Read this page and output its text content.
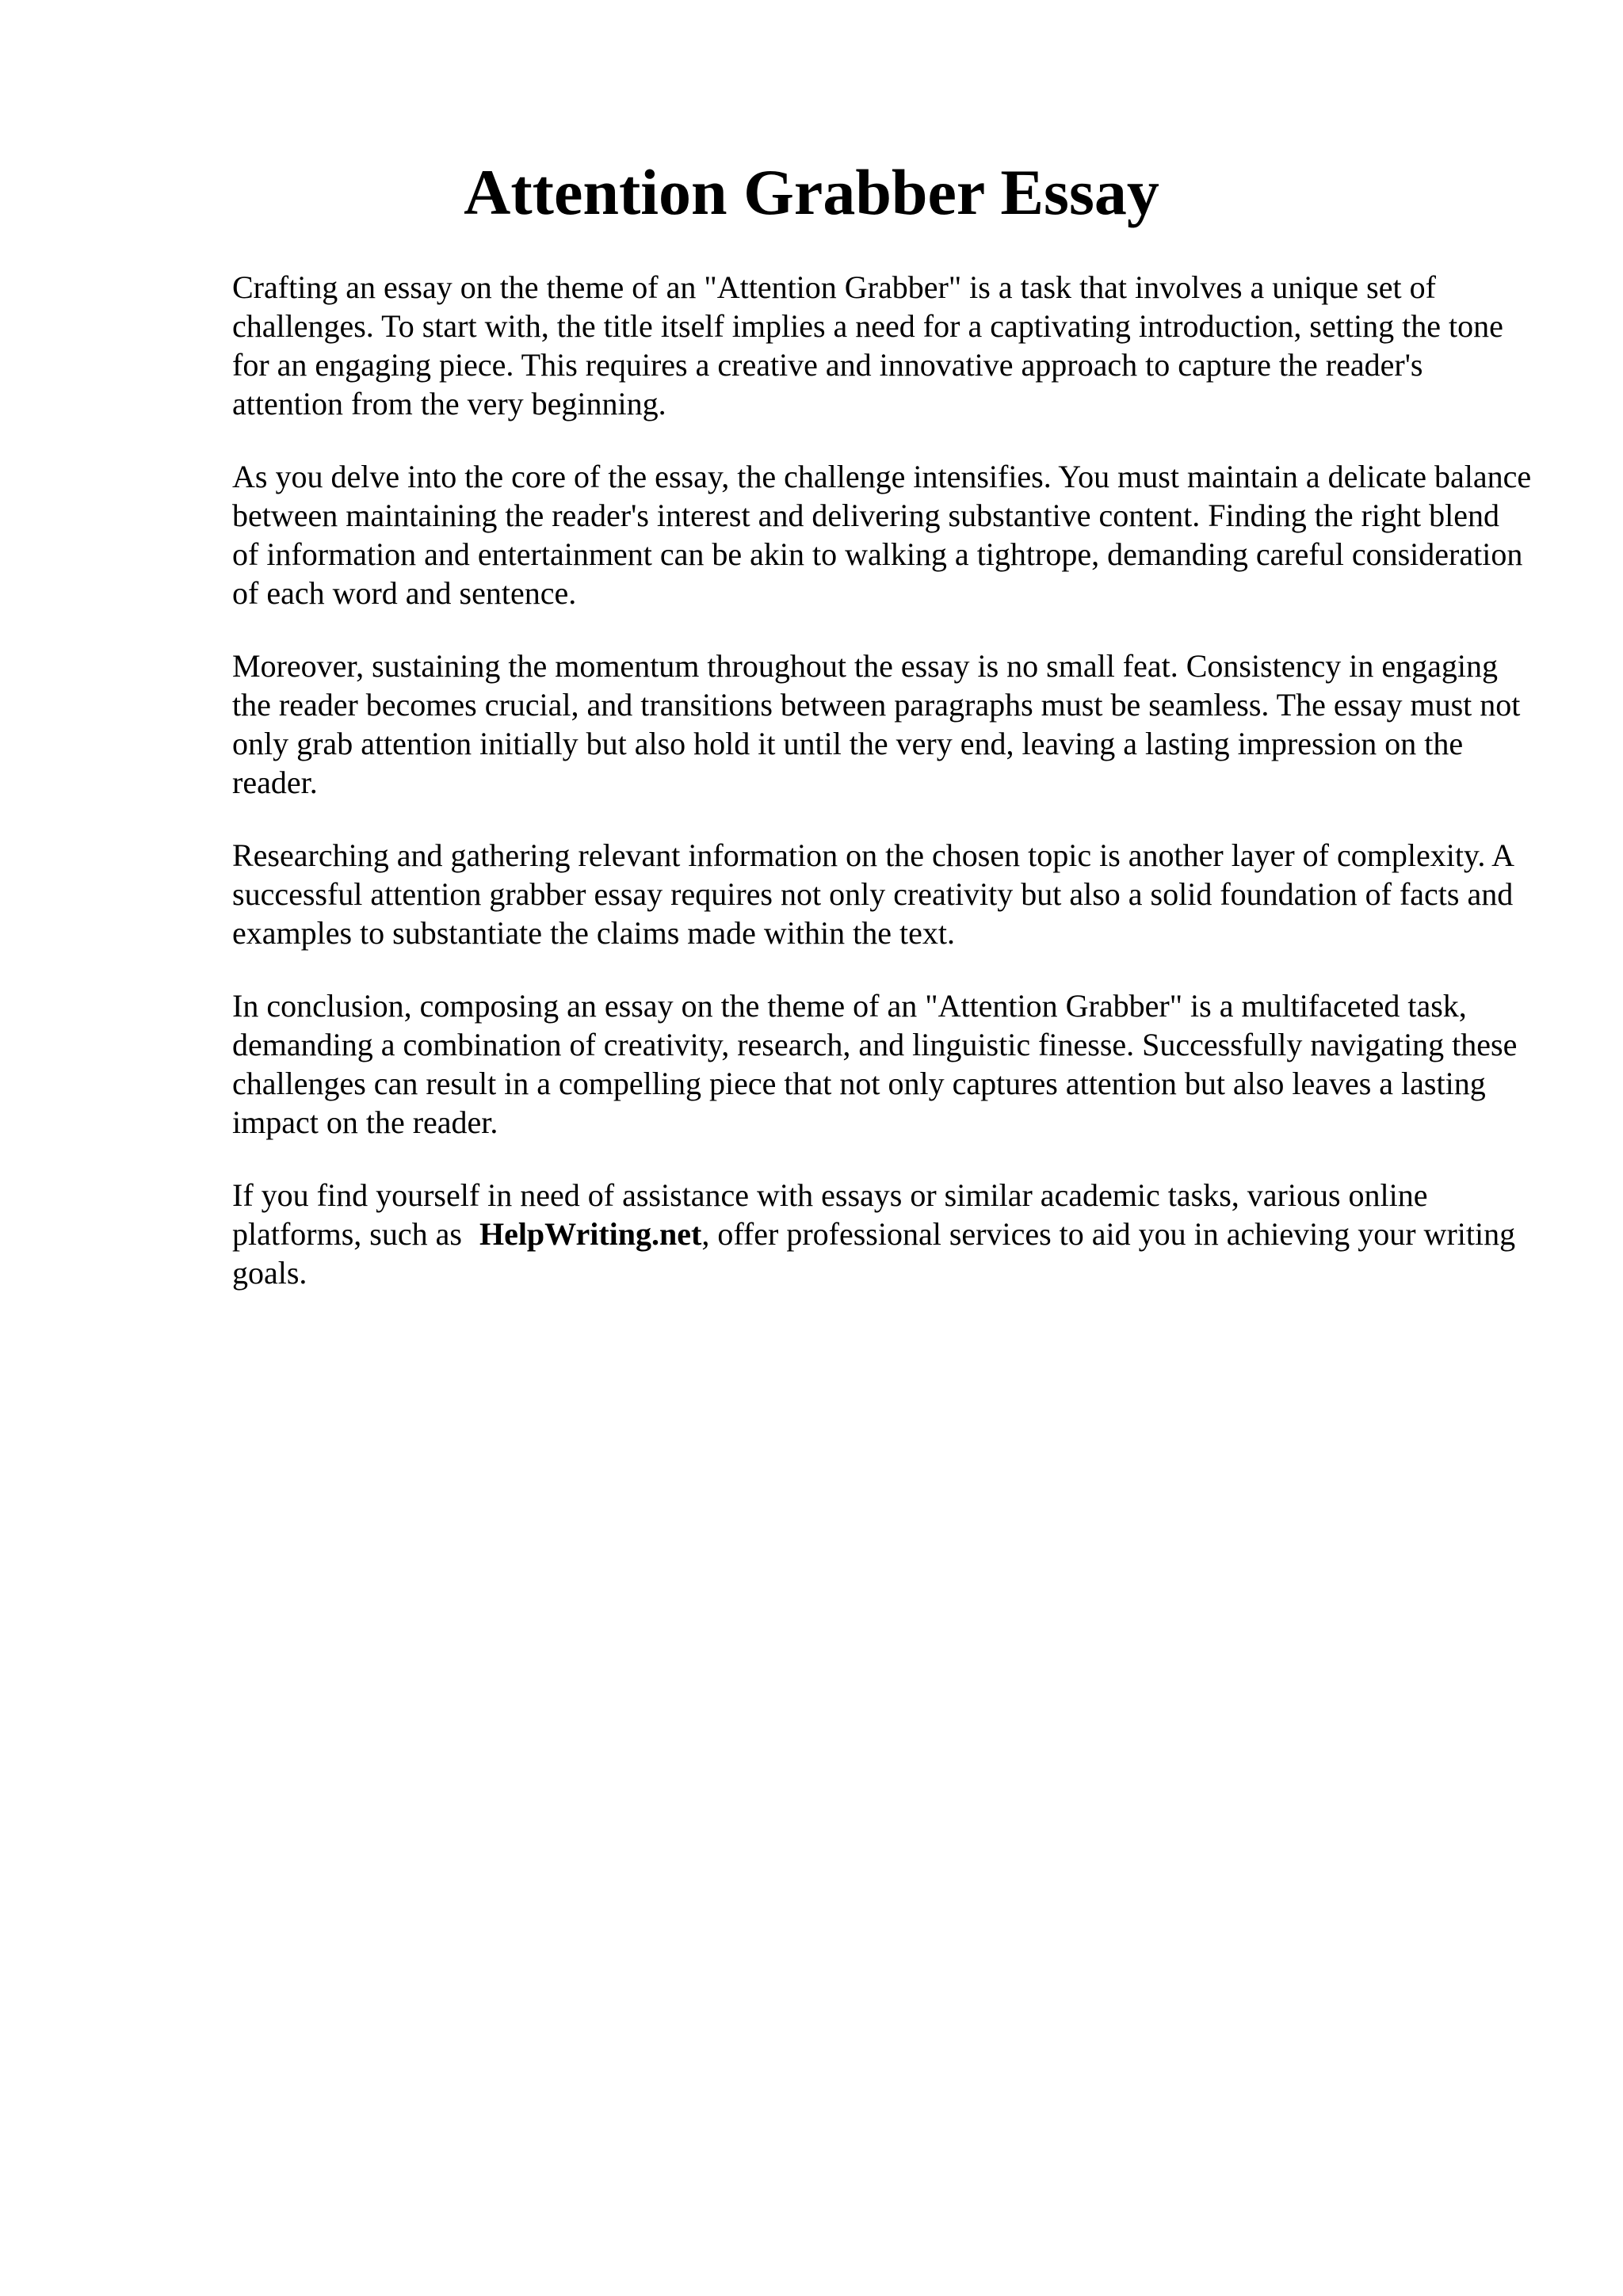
Attention Grabber Essay

Crafting an essay on the theme of an "Attention Grabber" is a task that involves a unique set of challenges. To start with, the title itself implies a need for a captivating introduction, setting the tone for an engaging piece. This requires a creative and innovative approach to capture the reader's attention from the very beginning.

As you delve into the core of the essay, the challenge intensifies. You must maintain a delicate balance between maintaining the reader's interest and delivering substantive content. Finding the right blend of information and entertainment can be akin to walking a tightrope, demanding careful consideration of each word and sentence.

Moreover, sustaining the momentum throughout the essay is no small feat. Consistency in engaging the reader becomes crucial, and transitions between paragraphs must be seamless. The essay must not only grab attention initially but also hold it until the very end, leaving a lasting impression on the reader.

Researching and gathering relevant information on the chosen topic is another layer of complexity. A successful attention grabber essay requires not only creativity but also a solid foundation of facts and examples to substantiate the claims made within the text.

In conclusion, composing an essay on the theme of an "Attention Grabber" is a multifaceted task, demanding a combination of creativity, research, and linguistic finesse. Successfully navigating these challenges can result in a compelling piece that not only captures attention but also leaves a lasting impact on the reader.

If you find yourself in need of assistance with essays or similar academic tasks, various online platforms, such as HelpWriting.net, offer professional services to aid you in achieving your writing goals.
